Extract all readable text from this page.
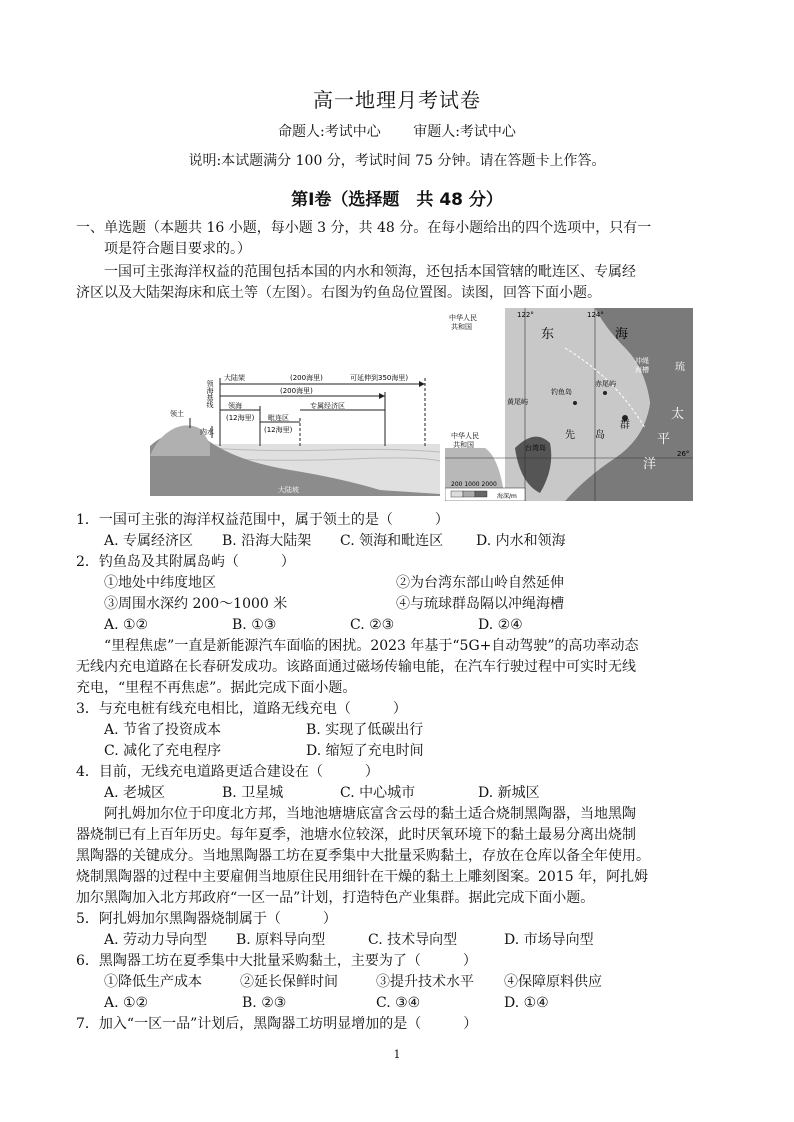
高一地理月考试卷
命题人:考试中心 审题人:考试中心
说明:本试题满分 100 分，考试时间 75 分钟。请在答题卡上作答。
第Ⅰ卷（选择题　共 48 分）
一、单选题（本题共 16 小题，每小题 3 分，共 48 分。在每小题给出的四个选项中，只有一
项是符合题目要求的。）
一国可主张海洋权益的范围包括本国的内水和领海，还包括本国管辖的毗连区、专属经
济区以及大陆架海床和底土等（左图）。右图为钓鱼岛位置图。读图，回答下面小题。
大陆架	(200海里)	可延伸到350海里)
(200海里)
领海
(12海里) 毗连区
(12海里)
专属经济区
领土
内水
大陆坡
领海基线
中华人民
共和国
122°	124°
26°
东	海
太
平
洋
钓鱼岛
赤尾屿
黄尾屿
台湾岛
中华人民
共和国
先 岛
群
琉
冲绳
海槽
200 1000 2000
海深/m
1．一国可主张的海洋权益范围中，属于领土的是（　　　）
A. 专属经济区 B. 沿海大陆架 C. 领海和毗连区 D. 内水和领海
2．钓鱼岛及其附属岛屿（　　　）
①地处中纬度地区	②为台湾东部山岭自然延伸
③周围水深约 200～1000 米	④与琉球群岛隔以冲绳海槽
A. ①②	B. ①③	C. ②③	D. ②④
“里程焦虑”一直是新能源汽车面临的困扰。2023 年基于“5G+自动驾驶”的高功率动态
无线内充电道路在长春研发成功。该路面通过磁场传输电能，在汽车行驶过程中可实时无线
充电，“里程不再焦虑”。据此完成下面小题。
3．与充电桩有线充电相比，道路无线充电（　　　）
A. 节省了投资成本	B. 实现了低碳出行
C. 减化了充电程序	D. 缩短了充电时间
4．目前，无线充电道路更适合建设在（　　　）
A. 老城区	B. 卫星城	C. 中心城市	D. 新城区
阿扎姆加尔位于印度北方邦，当地池塘塘底富含云母的黏土适合烧制黑陶器，当地黑陶
器烧制已有上百年历史。每年夏季，池塘水位较深，此时厌氧环境下的黏土最易分离出烧制
黑陶器的关键成分。当地黑陶器工坊在夏季集中大批量采购黏土，存放在仓库以备全年使用。
烧制黑陶器的过程中主要雇佣当地原住民用细针在干燥的黏土上雕刻图案。2015 年，阿扎姆
加尔黑陶加入北方邦政府“一区一品”计划，打造特色产业集群。据此完成下面小题。
5．阿扎姆加尔黑陶器烧制属于（　　　）
A. 劳动力导向型 B. 原料导向型	C. 技术导向型	D. 市场导向型
6．黑陶器工坊在夏季集中大批量采购黏土，主要为了（　　　）
①降低生产成本	②延长保鲜时间	③提升技术水平 ④保障原料供应
A. ①②	B. ②③	C. ③④	D. ①④
7．加入“一区一品”计划后，黑陶器工坊明显增加的是（　　　）
1
